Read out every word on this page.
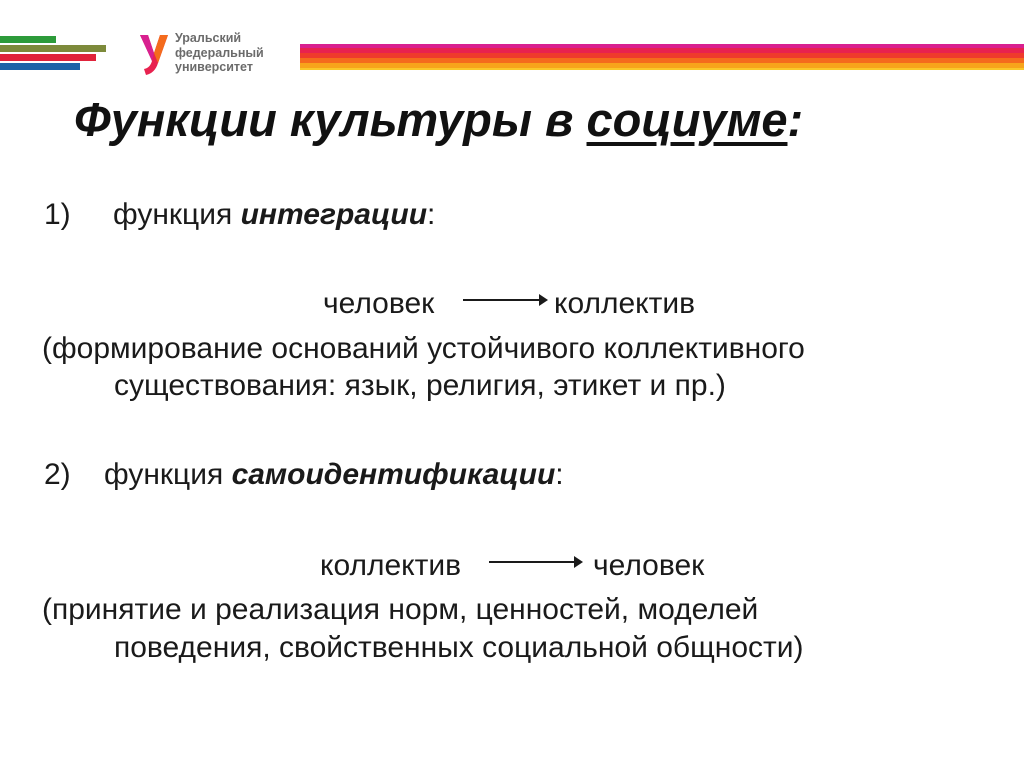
Уральский
федеральный
университет
Функции культуры в социуме:
1) функция интеграции:
человек	коллектив
(формирование оснований устойчивого коллективного
существования: язык, религия, этикет и пр.)
2) функция самоидентификации:
коллектив	человек
(принятие и реализация норм, ценностей, моделей
поведения, свойственных социальной общности)
